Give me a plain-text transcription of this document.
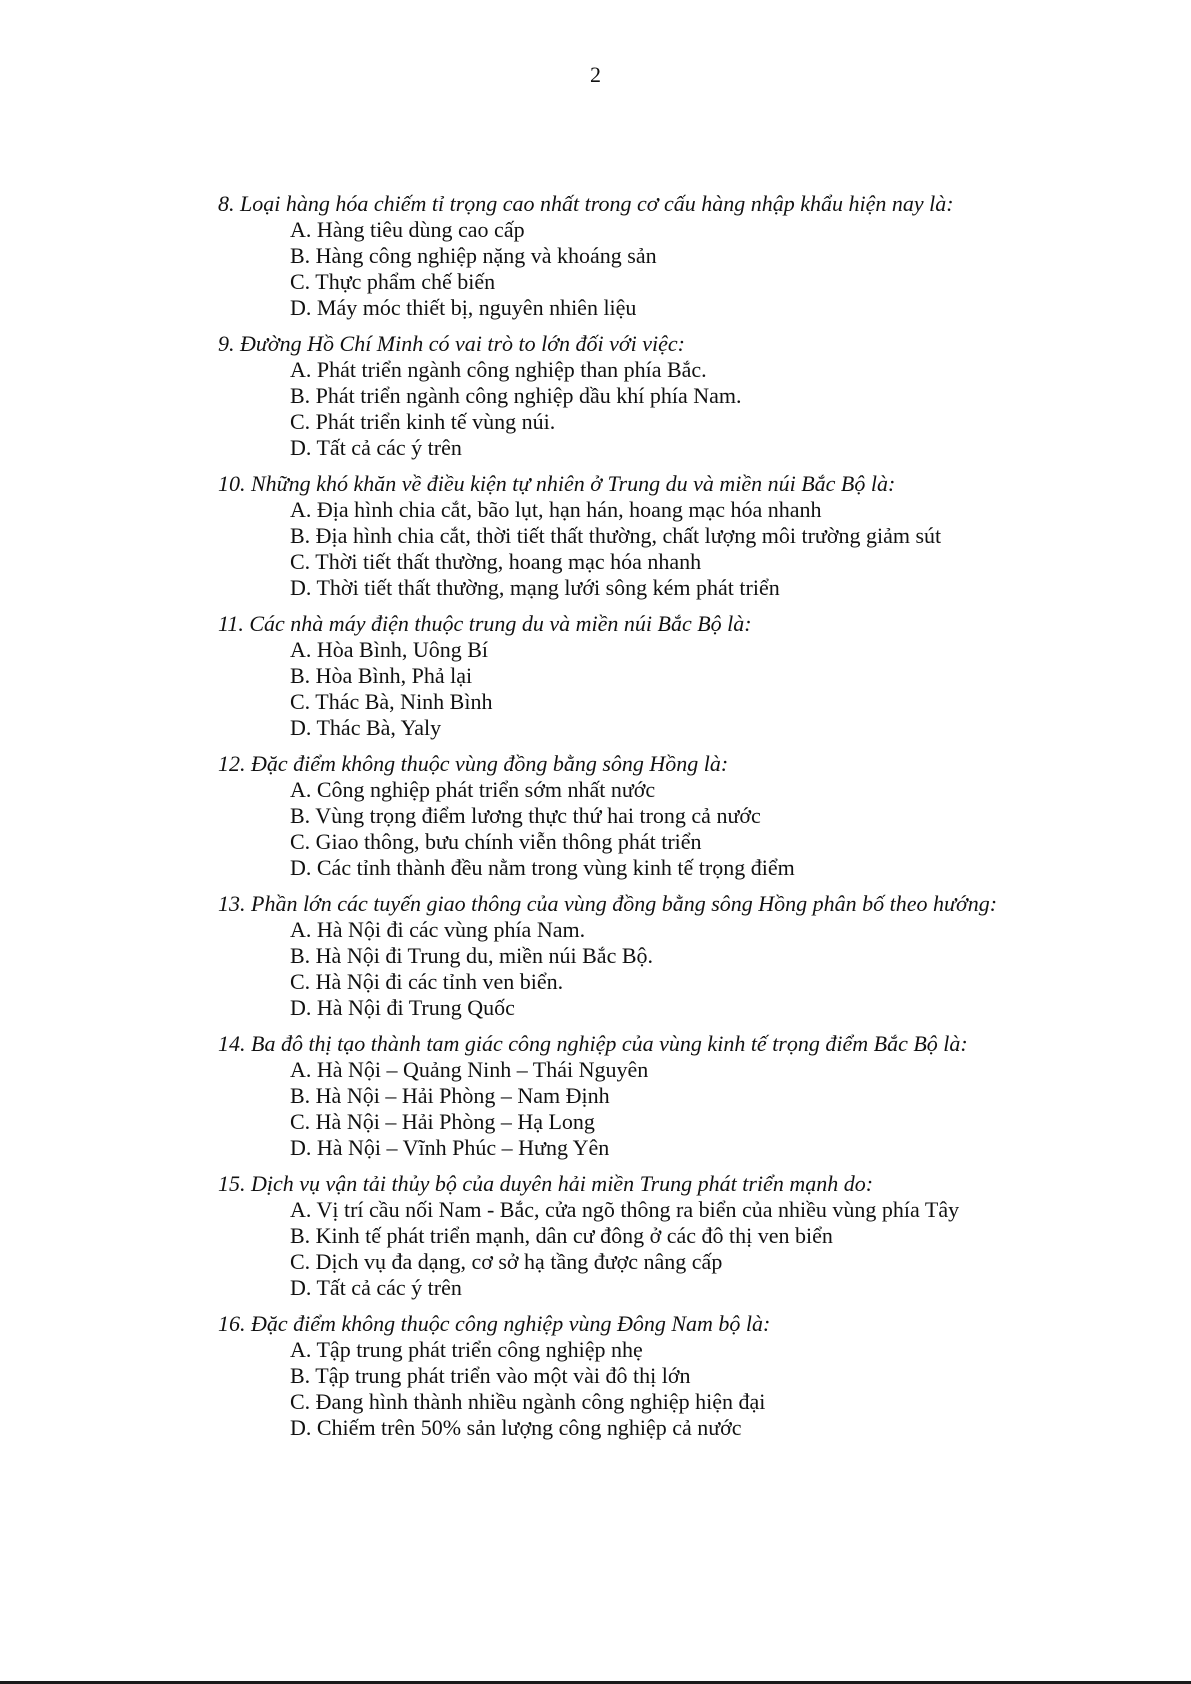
2
8. Loại hàng hóa chiếm tỉ trọng cao nhất trong cơ cấu hàng nhập khẩu hiện nay là:
A. Hàng tiêu dùng cao cấp
B. Hàng công nghiệp nặng và khoáng sản
C. Thực phẩm chế biến
D. Máy móc thiết bị, nguyên nhiên liệu
9. Đường Hồ Chí Minh có vai trò to lớn đối với việc:
A. Phát triển ngành công nghiệp than phía Bắc.
B. Phát triển ngành công nghiệp dầu khí phía Nam.
C. Phát triển kinh tế vùng núi.
D. Tất cả các ý trên
10. Những khó khăn về điều kiện tự nhiên ở Trung du và miền núi Bắc Bộ là:
A. Địa hình chia cắt, bão lụt, hạn hán, hoang mạc hóa nhanh
B. Địa hình chia cắt, thời tiết thất thường, chất lượng môi trường giảm sút
C. Thời tiết thất thường, hoang mạc hóa nhanh
D. Thời tiết thất thường, mạng lưới sông kém phát triển
11. Các nhà máy điện thuộc trung du và miền núi Bắc Bộ là:
A. Hòa Bình, Uông Bí
B. Hòa Bình, Phả lại
C. Thác Bà, Ninh Bình
D. Thác Bà, Yaly
12. Đặc điểm không thuộc vùng đồng bằng sông Hồng là:
A. Công nghiệp phát triển sớm nhất nước
B. Vùng trọng điểm lương thực thứ hai trong cả nước
C. Giao thông, bưu chính viễn thông phát triển
D. Các tỉnh thành đều nằm trong vùng kinh tế trọng điểm
13. Phần lớn các tuyến giao thông của vùng đồng bằng sông Hồng phân bố theo hướng:
A. Hà Nội đi các vùng phía Nam.
B. Hà Nội đi Trung du, miền núi Bắc Bộ.
C. Hà Nội đi các tỉnh ven biển.
D. Hà Nội đi Trung Quốc
14. Ba đô thị tạo thành tam giác công nghiệp của vùng kinh tế trọng điểm Bắc Bộ là:
A. Hà Nội – Quảng Ninh – Thái Nguyên
B. Hà Nội – Hải Phòng – Nam Định
C. Hà Nội – Hải Phòng – Hạ Long
D. Hà Nội – Vĩnh Phúc – Hưng Yên
15. Dịch vụ vận tải thủy bộ của duyên hải miền Trung phát triển mạnh do:
A. Vị trí cầu nối Nam - Bắc, cửa ngõ thông ra biển của nhiều vùng phía Tây
B. Kinh tế phát triển mạnh, dân cư đông ở các đô thị ven biển
C. Dịch vụ đa dạng, cơ sở hạ tầng được nâng cấp
D. Tất cả các ý trên
16. Đặc điểm không thuộc công nghiệp vùng Đông Nam bộ là:
A. Tập trung phát triển công nghiệp nhẹ
B. Tập trung phát triển vào một vài đô thị lớn
C. Đang hình thành nhiều ngành công nghiệp hiện đại
D. Chiếm trên 50% sản lượng công nghiệp cả nước
